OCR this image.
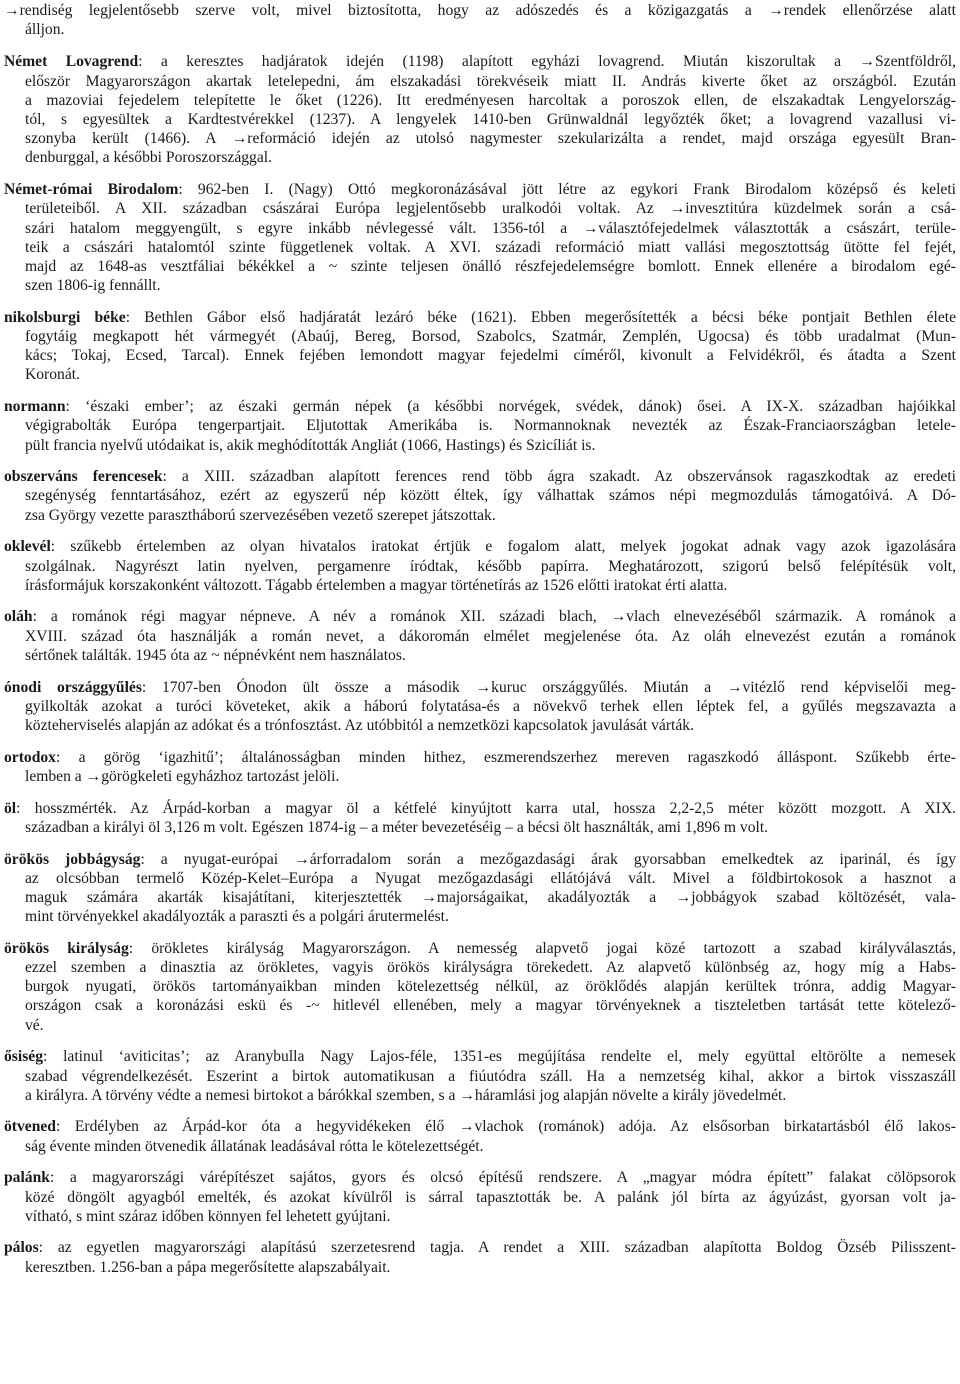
→rendiség legjelentősebb szerve volt, mivel biztosította, hogy az adószedés és a közigazgatás a →rendek ellenőrzése alatt
álljon.
Német Lovagrend: a keresztes hadjáratok idején (1198) alapított egyházi lovagrend. Miután kiszorultak a →Szentföldről,
először Magyarországon akartak letelepedni, ám elszakadási törekvéseik miatt II. András kiverte őket az országból. Ezután
a mazoviai fejedelem telepítette le őket (1226). Itt eredményesen harcoltak a poroszok ellen, de elszakadtak Lengyelország-
tól, s egyesültek a Kardtestvérekkel (1237). A lengyelek 1410-ben Grünwaldnál legyőzték őket; a lovagrend vazallusi vi-
szonyba került (1466). A →reformáció idején az utolsó nagymester szekularizálta a rendet, majd országa egyesült Bran-
denburggal, a későbbi Poroszországgal.
Német-római Birodalom: 962-ben I. (Nagy) Ottó megkoronázásával jött létre az egykori Frank Birodalom középső és keleti
területeiből. A XII. században császárai Európa legjelentősebb uralkodói voltak. Az →invesztitúra küzdelmek során a csá-
szári hatalom meggyengült, s egyre inkább névlegessé vált. 1356-tól a →választófejedelmek választották a császárt, terüle-
teik a császári hatalomtól szinte függetlenek voltak. A XVI. századi reformáció miatt vallási megosztottság ütötte fel fejét,
majd az 1648-as vesztfáliai békékkel a ~ szinte teljesen önálló részfejedelemségre bomlott. Ennek ellenére a birodalom egé-
szen 1806-ig fennállt.
nikolsburgi béke: Bethlen Gábor első hadjáratát lezáró béke (1621). Ebben megerősítették a bécsi béke pontjait Bethlen élete
fogytáig megkapott hét vármegyét (Abaúj, Bereg, Borsod, Szabolcs, Szatmár, Zemplén, Ugocsa) és több uradalmat (Mun-
kács; Tokaj, Ecsed, Tarcal). Ennek fejében lemondott magyar fejedelmi címéről, kivonult a Felvidékről, és átadta a Szent
Koronát.
normann: ‘északi ember’; az északi germán népek (a későbbi norvégek, svédek, dánok) ősei. A IX-X. században hajóikkal
végigrabolták Európa tengerpartjait. Eljutottak Amerikába is. Normannoknak nevezték az Észak-Franciaországban letele-
pült francia nyelvű utódaikat is, akik meghódították Angliát (1066, Hastings) és Szicíliát is.
obszerváns ferencesek: a XIII. században alapított ferences rend több ágra szakadt. Az obszervánsok ragaszkodtak az eredeti
szegénység fenntartásához, ezért az egyszerű nép között éltek, így válhattak számos népi megmozdulás támogatóivá. A Dó-
zsa György vezette parasztháború szervezésében vezető szerepet játszottak.
oklevél: szűkebb értelemben az olyan hivatalos iratokat értjük e fogalom alatt, melyek jogokat adnak vagy azok igazolására
szolgálnak. Nagyrészt latin nyelven, pergamenre íródtak, később papírra. Meghatározott, szigorú belső felépítésük volt,
írásformájuk korszakonként változott. Tágabb értelemben a magyar történetírás az 1526 előtti iratokat érti alatta.
oláh: a románok régi magyar népneve. A név a románok XII. századi blach, →vlach elnevezéséből származik. A románok a
XVIII. század óta használják a román nevet, a dákoromán elmélet megjelenése óta. Az oláh elnevezést ezután a románok
sértőnek találták. 1945 óta az ~ népnévként nem használatos.
ónodi országgyűlés: 1707-ben Ónodon ült össze a második →kuruc országgyűlés. Miután a →vitézlő rend képviselői meg-
gyilkolták azokat a turóci követeket, akik a háború folytatása-és a növekvő terhek ellen léptek fel, a gyűlés megszavazta a
közteherviselés alapján az adókat és a trónfosztást. Az utóbbitól a nemzetközi kapcsolatok javulását várták.
ortodox: a görög ‘igazhitű’; általánosságban minden hithez, eszmerendszerhez mereven ragaszkodó álláspont. Szűkebb érte-
lemben a →görögkeleti egyházhoz tartozást jelöli.
öl: hosszmérték. Az Árpád-korban a magyar öl a kétfelé kinyújtott karra utal, hossza 2,2-2,5 méter között mozgott. A XIX.
században a királyi öl 3,126 m volt. Egészen 1874-ig – a méter bevezetéséig – a bécsi ölt használták, ami 1,896 m volt.
örökös jobbágyság: a nyugat-európai →árforradalom során a mezőgazdasági árak gyorsabban emelkedtek az iparinál, és így
az olcsóbban termelő Közép-Kelet–Európa a Nyugat mezőgazdasági ellátójává vált. Mivel a földbirtokosok a hasznot a
maguk számára akarták kisajátítani, kiterjesztették →majorságaikat, akadályozták a →jobbágyok szabad költözését, vala-
mint törvényekkel akadályozták a paraszti és a polgári árutermelést.
örökös királyság: örökletes királyság Magyarországon. A nemesség alapvető jogai közé tartozott a szabad királyválasztás,
ezzel szemben a dinasztia az örökletes, vagyis örökös királyságra törekedett. Az alapvető különbség az, hogy míg a Habs-
burgok nyugati, örökös tartományaikban minden kötelezettség nélkül, az öröklődés alapján kerültek trónra, addig Magyar-
országon csak a koronázási eskü és -~ hitlevél ellenében, mely a magyar törvényeknek a tiszteletben tartását tette kötelező-
vé.
ősiség: latinul ‘aviticitas’; az Aranybulla Nagy Lajos-féle, 1351-es megújítása rendelte el, mely együttal eltörölte a nemesek
szabad végrendelkezését. Eszerint a birtok automatikusan a fiúutódra száll. Ha a nemzetség kihal, akkor a birtok visszaszáll
a királyra. A törvény védte a nemesi birtokot a bárókkal szemben, s a →háramlási jog alapján növelte a király jövedelmét.
ötvened: Erdélyben az Árpád-kor óta a hegyvidékeken élő →vlachok (románok) adója. Az elsősorban birkatartásból élő lakos-
ság évente minden ötvenedik állatának leadásával rótta le kötelezettségét.
palánk: a magyarországi várépítészet sajátos, gyors és olcsó építésű rendszere. A „magyar módra épített” falakat cölöpsorok
közé döngölt agyagból emelték, és azokat kívülről is sárral tapasztották be. A palánk jól bírta az ágyúzást, gyorsan volt ja-
vítható, s mint száraz időben könnyen fel lehetett gyújtani.
pálos: az egyetlen magyarországi alapítású szerzetesrend tagja. A rendet a XIII. században alapította Boldog Özséb Pilisszent-
keresztben. 1.256-ban a pápa megerősítette alapszabályait.
